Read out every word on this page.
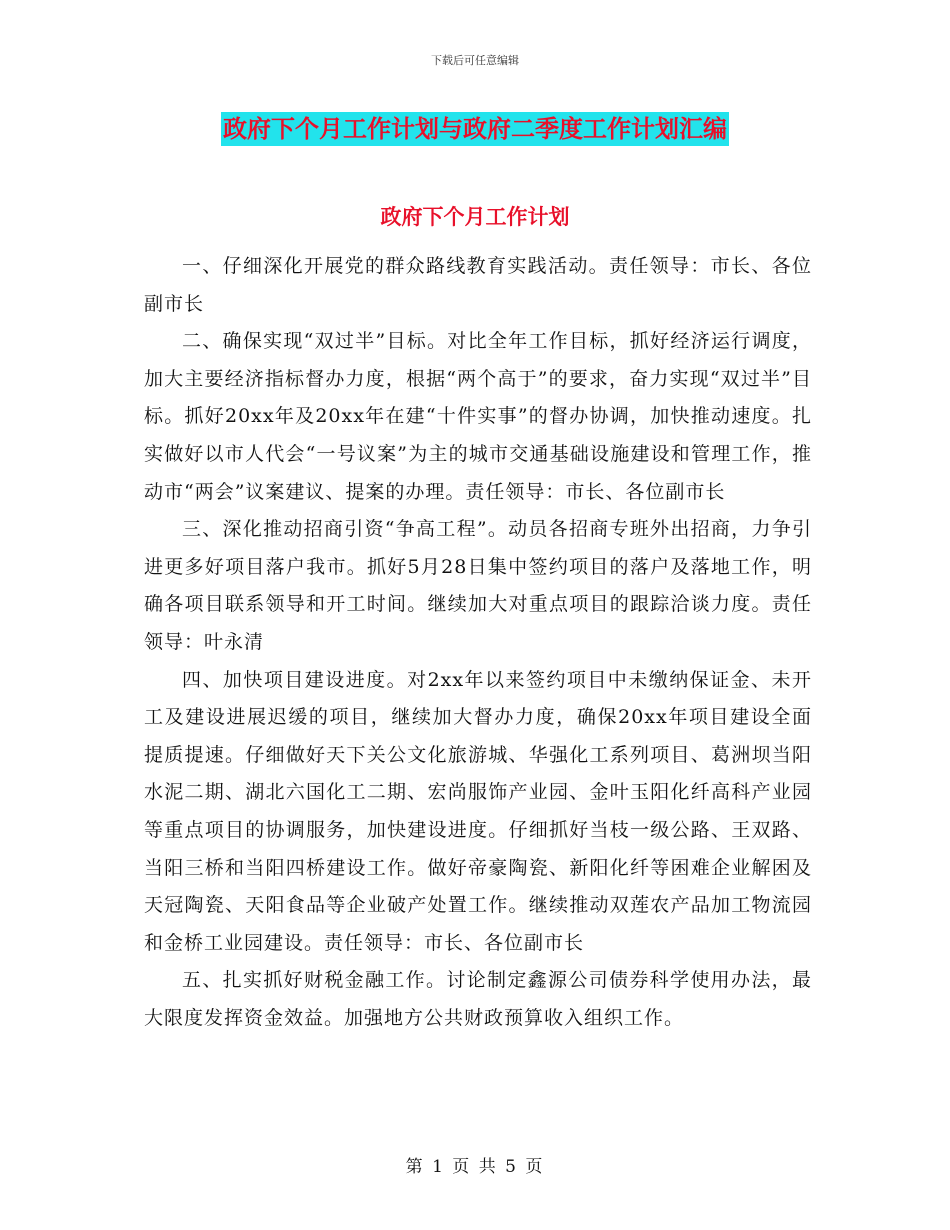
下载后可任意编辑
政府下个月工作计划与政府二季度工作计划汇编
政府下个月工作计划

一、仔细深化开展党的群众路线教育实践活动。责任领导：市长、各位副市长

二、确保实现“双过半”目标。对比全年工作目标，抓好经济运行调度，加大主要经济指标督办力度，根据“两个高于”的要求，奋力实现“双过半”目标。抓好20xx年及20xx年在建“十件实事”的督办协调，加快推动速度。扎实做好以市人代会“一号议案”为主的城市交通基础设施建设和管理工作，推动市“两会”议案建议、提案的办理。责任领导：市长、各位副市长

三、深化推动招商引资“争高工程”。动员各招商专班外出招商，力争引进更多好项目落户我市。抓好5月28日集中签约项目的落户及落地工作，明确各项目联系领导和开工时间。继续加大对重点项目的跟踪洽谈力度。责任领导：叶永清

四、加快项目建设进度。对2xx年以来签约项目中未缴纳保证金、未开工及建设进展迟缓的项目，继续加大督办力度，确保20xx年项目建设全面提质提速。仔细做好天下关公文化旅游城、华强化工系列项目、葛洲坝当阳水泥二期、湖北六国化工二期、宏尚服饰产业园、金叶玉阳化纤高科产业园等重点项目的协调服务，加快建设进度。仔细抓好当枝一级公路、王双路、当阳三桥和当阳四桥建设工作。做好帝豪陶瓷、新阳化纤等困难企业解困及天冠陶瓷、天阳食品等企业破产处置工作。继续推动双莲农产品加工物流园和金桥工业园建设。责任领导：市长、各位副市长

五、扎实抓好财税金融工作。讨论制定鑫源公司债券科学使用办法，最大限度发挥资金效益。加强地方公共财政预算收入组织工作。

第 1 页 共 5 页
